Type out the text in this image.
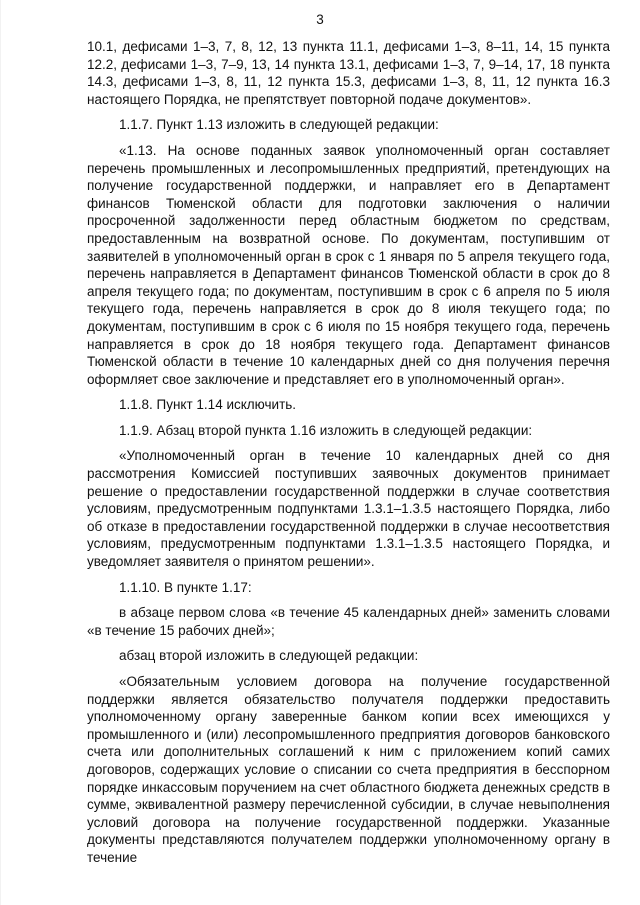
3

10.1, дефисами 1–3, 7, 8, 12, 13 пункта 11.1, дефисами 1–3, 8–11, 14, 15 пункта 12.2, дефисами 1–3, 7–9, 13, 14 пункта 13.1, дефисами 1–3, 7, 9–14, 17, 18 пункта 14.3, дефисами 1–3, 8, 11, 12 пункта 15.3, дефисами 1–3, 8, 11, 12 пункта 16.3 настоящего Порядка, не препятствует повторной подаче документов».

1.1.7. Пункт 1.13 изложить в следующей редакции:

«1.13. На основе поданных заявок уполномоченный орган составляет перечень промышленных и лесопромышленных предприятий, претендующих на получение государственной поддержки, и направляет его в Департамент финансов Тюменской области для подготовки заключения о наличии просроченной задолженности перед областным бюджетом по средствам, предоставленным на возвратной основе. По документам, поступившим от заявителей в уполномоченный орган в срок с 1 января по 5 апреля текущего года, перечень направляется в Департамент финансов Тюменской области в срок до 8 апреля текущего года; по документам, поступившим в срок с 6 апреля по 5 июля текущего года, перечень направляется в срок до 8 июля текущего года; по документам, поступившим в срок с 6 июля по 15 ноября текущего года, перечень направляется в срок до 18 ноября текущего года. Департамент финансов Тюменской области в течение 10 календарных дней со дня получения перечня оформляет свое заключение и представляет его в уполномоченный орган».

1.1.8. Пункт 1.14 исключить.

1.1.9. Абзац второй пункта 1.16 изложить в следующей редакции:

«Уполномоченный орган в течение 10 календарных дней со дня рассмотрения Комиссией поступивших заявочных документов принимает решение о предоставлении государственной поддержки в случае соответствия условиям, предусмотренным подпунктами 1.3.1–1.3.5 настоящего Порядка, либо об отказе в предоставлении государственной поддержки в случае несоответствия условиям, предусмотренным подпунктами 1.3.1–1.3.5 настоящего Порядка, и уведомляет заявителя о принятом решении».

1.1.10. В пункте 1.17:

в абзаце первом слова «в течение 45 календарных дней» заменить словами «в течение 15 рабочих дней»;

абзац второй изложить в следующей редакции:

«Обязательным условием договора на получение государственной поддержки является обязательство получателя поддержки предоставить уполномоченному органу заверенные банком копии всех имеющихся у промышленного и (или) лесопромышленного предприятия договоров банковского счета или дополнительных соглашений к ним с приложением копий самих договоров, содержащих условие о списании со счета предприятия в бесспорном порядке инкассовым поручением на счет областного бюджета денежных средств в сумме, эквивалентной размеру перечисленной субсидии, в случае невыполнения условий договора на получение государственной поддержки. Указанные документы представляются получателем поддержки уполномоченному органу в течение
